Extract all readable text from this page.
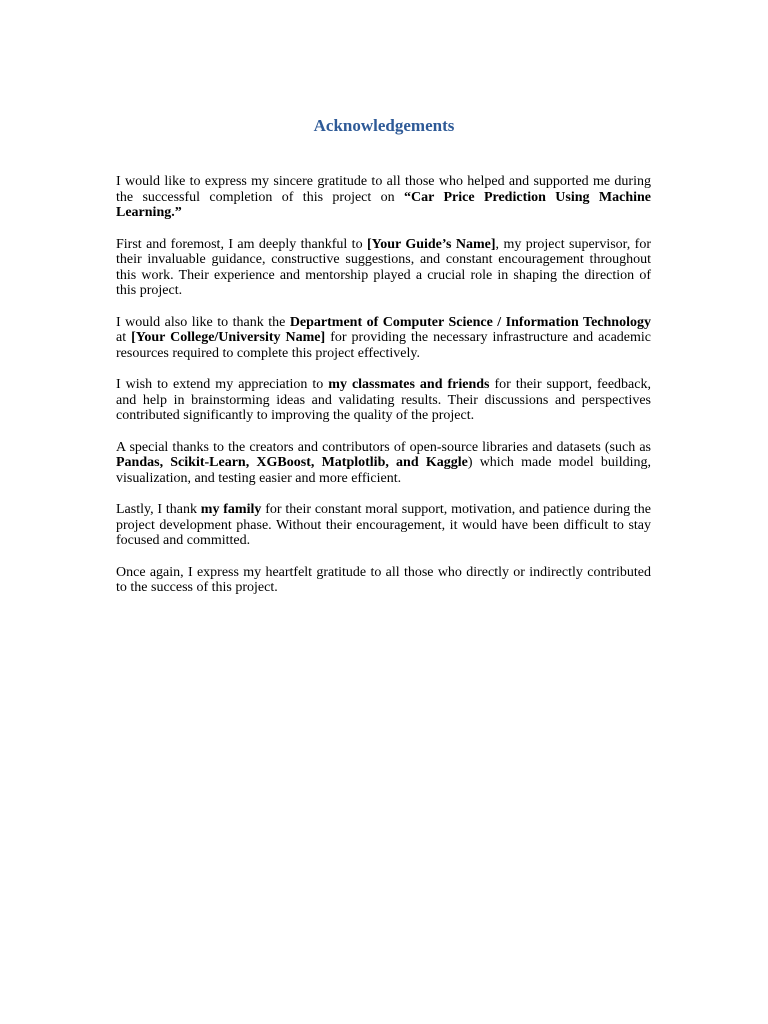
Acknowledgements

I would like to express my sincere gratitude to all those who helped and supported me during the successful completion of this project on “Car Price Prediction Using Machine Learning.”

First and foremost, I am deeply thankful to [Your Guide’s Name], my project supervisor, for their invaluable guidance, constructive suggestions, and constant encouragement throughout this work. Their experience and mentorship played a crucial role in shaping the direction of this project.

I would also like to thank the Department of Computer Science / Information Technology at [Your College/University Name] for providing the necessary infrastructure and academic resources required to complete this project effectively.

I wish to extend my appreciation to my classmates and friends for their support, feedback, and help in brainstorming ideas and validating results. Their discussions and perspectives contributed significantly to improving the quality of the project.

A special thanks to the creators and contributors of open-source libraries and datasets (such as Pandas, Scikit-Learn, XGBoost, Matplotlib, and Kaggle) which made model building, visualization, and testing easier and more efficient.

Lastly, I thank my family for their constant moral support, motivation, and patience during the project development phase. Without their encouragement, it would have been difficult to stay focused and committed.

Once again, I express my heartfelt gratitude to all those who directly or indirectly contributed to the success of this project.
